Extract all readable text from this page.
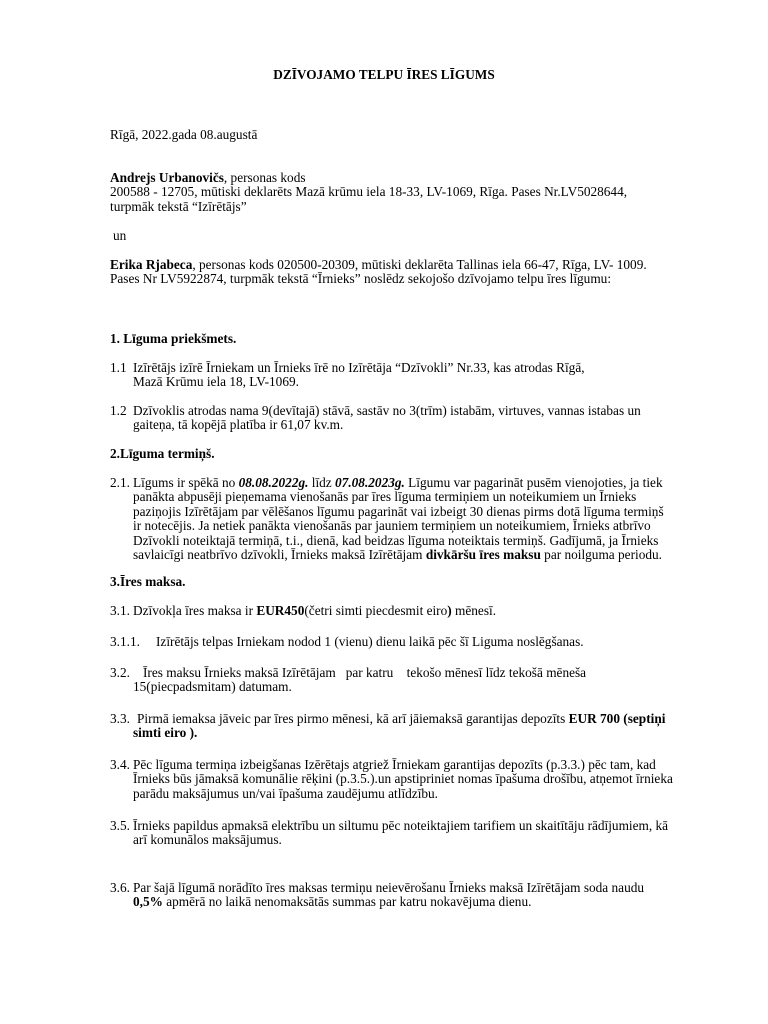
DZĪVOJAMO TELPU ĪRES LĪGUMS
Rīgā, 2022.gada 08.augustā
Andrejs Urbanovičs, personas kods
200588 - 12705, mūtiski deklarēts Mazā krūmu iela 18-33, LV-1069, Rīga. Pases Nr.LV5028644,
turpmāk tekstā “Izīrētājs”
un
Erika Rjabeca, personas kods 020500-20309, mūtiski deklarēta Tallinas iela 66-47, Rīga, LV- 1009.
Pases Nr LV5922874, turpmāk tekstā “Īrnieks” noslēdz sekojošo dzīvojamo telpu īres līgumu:
1. Līguma priekšmets.
1.1 Izīrētājs izīrē Īrniekam un Īrnieks īrē no Izīrētāja “Dzīvokli” Nr.33, kas atrodas Rīgā,
Mazā Krūmu iela 18, LV-1069.
1.2 Dzīvoklis atrodas nama 9(devītajā) stāvā, sastāv no 3(trīm) istabām, virtuves, vannas istabas un
gaiteņa, tā kopējā platība ir 61,07 kv.m.
2.Līguma termiņš.
2.1. Līgums ir spēkā no 08.08.2022g. līdz 07.08.2023g. Līgumu var pagarināt pusēm vienojoties, ja tiek
panākta abpusēji pieņemama vienošanās par īres līguma termiņiem un noteikumiem un Īrnieks
paziņojis Izīrētājam par vēlēšanos līgumu pagarināt vai izbeigt 30 dienas pirms dotā līguma termiņš
ir notecējis. Ja netiek panākta vienošanās par jauniem termiņiem un noteikumiem, Īrnieks atbrīvo
Dzīvokli noteiktajā termiņā, t.i., dienā, kad beidzas līguma noteiktais termiņš. Gadījumā, ja Īrnieks
savlaicīgi neatbrīvo dzīvokli, Īrnieks maksā Izīrētājam divkāršu īres maksu par noilguma periodu.
3.Īres maksa.
3.1. Dzīvokļa īres maksa ir EUR450(četri simti piecdesmit eiro) mēnesī.
3.1.1. Izīrētājs telpas Irniekam nodod 1 (vienu) dienu laikā pēc šī Liguma noslēgšanas.
3.2. Īres maksu Īrnieks maksā Izīrētājam   par katru    tekošo mēnesī līdz tekošā mēneša
15(piecpadsmitam) datumam.
3.3. Pirmā iemaksa jāveic par īres pirmo mēnesi, kā arī jāiemaksā garantijas depozīts EUR 700 (septiņi
simti eiro ).
3.4. Pēc līguma termiņa izbeigšanas Izērētajs atgriež Īrniekam garantijas depozīts (p.3.3.) pēc tam, kad
Īrnieks būs jāmaksā komunālie rēķini (p.3.5.).un apstipriniet nomas īpašuma drošību, atņemot īrnieka
parādu maksājumus un/vai īpašuma zaudējumu atlīdzību.
3.5. Īrnieks papildus apmaksā elektrību un siltumu pēc noteiktajiem tarifiem un skaitītāju rādījumiem, kā
arī komunālos maksājumus.
3.6. Par šajā līgumā norādīto īres maksas termiņu neievērošanu Īrnieks maksā Izīrētājam soda naudu
0,5% apmērā no laikā nenomaksātās summas par katru nokavējuma dienu.
